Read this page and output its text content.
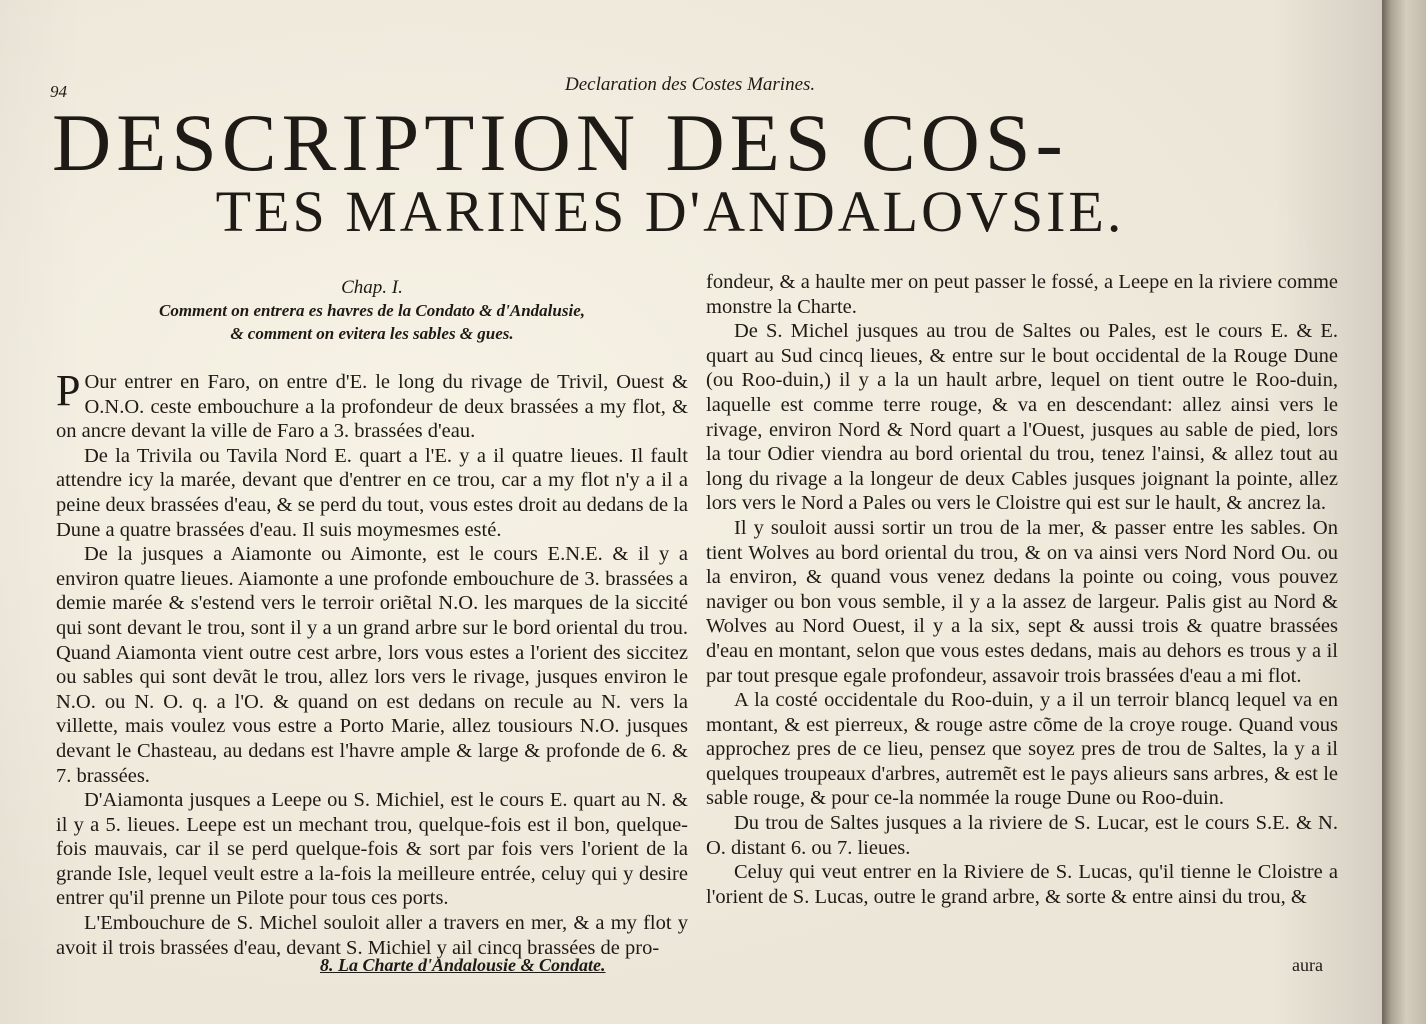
94	Declaration des Costes Marines.
DESCRIPTION DES COS-
TES MARINES D'ANDALOVSIE.
Chap. I.
Comment on entrera es havres de la Condato & d'Andalusie,
& comment on evitera les sables & gues.

P Our entrer en Faro, on entre d'E. le long du rivage de Trivil, Ouest & O.N.O. ceste embouchure a la profondeur de deux brassées a my flot, & on ancre devant la ville de Faro a 3. brassées d'eau.

De la Trivila ou Tavila Nord E. quart a l'E. y a il quatre lieues. Il fault attendre icy la marée, devant que d'entrer en ce trou, car a my flot n'y a il a peine deux brassées d'eau, & se perd du tout, vous estes droit au dedans de la Dune a quatre brassées d'eau. Il suis moymesmes esté.

De la jusques a Aiamonte ou Aimonte, est le cours E.N.E. & il y a environ quatre lieues. Aiamonte a une profonde embouchure de 3. brassées a demie marée & s'estend vers le terroir oriẽtal N.O. les marques de la siccité qui sont devant le trou, sont il y a un grand arbre sur le bord oriental du trou. Quand Aiamonta vient outre cest arbre, lors vous estes a l'orient des siccitez ou sables qui sont devãt le trou, allez lors vers le rivage, jusques environ le N.O. ou N. O. q. a l'O. & quand on est dedans on recule au N. vers la villette, mais voulez vous estre a Porto Marie, allez tousiours N.O. jusques devant le Chasteau, au dedans est l'havre ample & large & profonde de 6. & 7. brassées.

D'Aiamonta jusques a Leepe ou S. Michiel, est le cours E. quart au N. & il y a 5. lieues. Leepe est un mechant trou, quelque-fois est il bon, quelque-fois mauvais, car il se perd quelque-fois & sort par fois vers l'orient de la grande Isle, lequel veult estre a la-fois la meilleure entrée, celuy qui y desire entrer qu'il prenne un Pilote pour tous ces ports.

L'Embouchure de S. Michel souloit aller a travers en mer, & a my flot y avoit il trois brassées d'eau, devant S. Michiel y ail cincq brassées de pro-

fondeur, & a haulte mer on peut passer le fossé, a Leepe en la riviere comme monstre la Charte.

De S. Michel jusques au trou de Saltes ou Pales, est le cours E. & E. quart au Sud cincq lieues, & entre sur le bout occidental de la Rouge Dune (ou Roo-duin,) il y a la un hault arbre, lequel on tient outre le Roo-duin, laquelle est comme terre rouge, & va en descendant: allez ainsi vers le rivage, environ Nord & Nord quart a l'Ouest, jusques au sable de pied, lors la tour Odier viendra au bord oriental du trou, tenez l'ainsi, & allez tout au long du rivage a la longeur de deux Cables jusques joignant la pointe, allez lors vers le Nord a Pales ou vers le Cloistre qui est sur le hault, & ancrez la.

Il y souloit aussi sortir un trou de la mer, & passer entre les sables. On tient Wolves au bord oriental du trou, & on va ainsi vers Nord Nord Ou. ou la environ, & quand vous venez dedans la pointe ou coing, vous pouvez naviger ou bon vous semble, il y a la assez de largeur. Palis gist au Nord & Wolves au Nord Ouest, il y a la six, sept & aussi trois & quatre brassées d'eau en montant, selon que vous estes dedans, mais au dehors es trous y a il par tout presque egale profondeur, assavoir trois brassées d'eau a mi flot.

A la costé occidentale du Roo-duin, y a il un terroir blancq lequel va en montant, & est pierreux, & rouge astre cõme de la croye rouge. Quand vous approchez pres de ce lieu, pensez que soyez pres de trou de Saltes, la y a il quelques troupeaux d'arbres, autremẽt est le pays alieurs sans arbres, & est le sable rouge, & pour ce-la nommée la rouge Dune ou Roo-duin.

Du trou de Saltes jusques a la riviere de S. Lucar, est le cours S.E. & N. O. distant 6. ou 7. lieues.

Celuy qui veut entrer en la Riviere de S. Lucas, qu'il tienne le Cloistre a l'orient de S. Lucas, outre le grand arbre, & sorte & entre ainsi du trou, &

8. La Charte d'Andalousie & Condate.	aura
